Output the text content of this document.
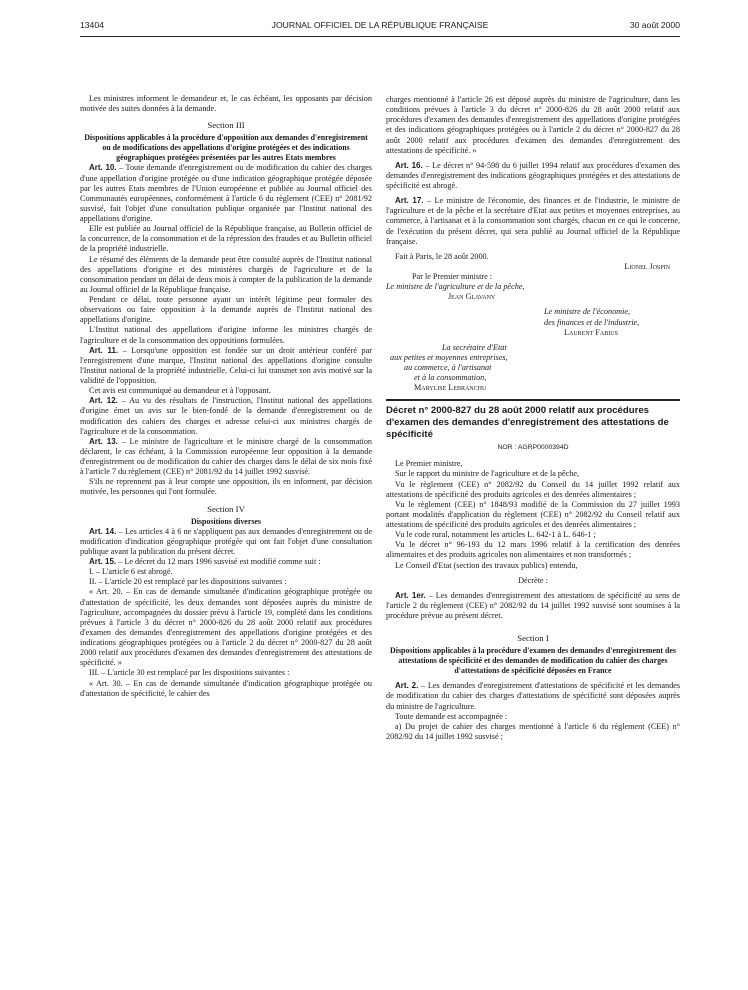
13404	JOURNAL OFFICIEL DE LA RÉPUBLIQUE FRANÇAISE	30 août 2000

Les ministres informent le demandeur et, le cas échéant, les opposants par décision motivée des suites données à la demande.

Section III

Dispositions applicables à la procédure d'opposition aux demandes d'enregistrement ou de modifications des appellations d'origine protégées et des indications géographiques protégées présentées par les autres Etats membres

Art. 10. – Toute demande d'enregistrement ou de modification du cahier des charges d'une appellation d'origine protégée ou d'une indication géographique protégée déposée par les autres Etats membres de l'Union européenne et publiée au Journal officiel des Communautés européennes, conformément à l'article 6 du règlement (CEE) n° 2081/92 susvisé, fait l'objet d'une consultation publique organisée par l'Institut national des appellations d'origine.

Elle est publiée au Journal officiel de la République française, au Bulletin officiel de la concurrence, de la consommation et de la répression des fraudes et au Bulletin officiel de la propriété industrielle.

Le résumé des éléments de la demande peut être consulté auprès de l'Institut national des appellations d'origine et des ministères chargés de l'agriculture et de la consommation pendant un délai de deux mois à compter de la publication de la demande au Journal officiel de la République française.

Pendant ce délai, toute personne ayant un intérêt légitime peut formuler des observations ou faire opposition à la demande auprès de l'Institut national des appellations d'origine.

L'Institut national des appellations d'origine informe les ministres chargés de l'agriculture et de la consommation des oppositions formulées.

Art. 11. – Lorsqu'une opposition est fondée sur un droit antérieur conféré par l'enregistrement d'une marque, l'Institut national des appellations d'origine consulte l'Institut national de la propriété industrielle. Celui-ci lui transmet son avis motivé sur la validité de l'opposition.

Cet avis est communiqué au demandeur et à l'opposant.

Art. 12. – Au vu des résultats de l'instruction, l'Institut national des appellations d'origine émet un avis sur le bien-fondé de la demande d'enregistrement ou de modification des cahiers des charges et adresse celui-ci aux ministres chargés de l'agriculture et de la consommation.

Art. 13. – Le ministre de l'agriculture et le ministre chargé de la consommation déclarent, le cas échéant, à la Commission européenne leur opposition à la demande d'enregistrement ou de modification du cahier des charges dans le délai de six mois fixé à l'article 7 du règlement (CEE) n° 2081/92 du 14 juillet 1992 susvisé.

S'ils ne reprennent pas à leur compte une opposition, ils en informent, par décision motivée, les personnes qui l'ont formulée.

Section IV

Dispositions diverses

Art. 14. – Les articles 4 à 6 ne s'appliquent pas aux demandes d'enregistrement ou de modification d'indication géographique protégée qui ont fait l'objet d'une consultation publique avant la publication du présent décret.

Art. 15. – Le décret du 12 mars 1996 susvisé est modifié comme suit :

I. – L'article 6 est abrogé.

II. – L'article 20 est remplacé par les dispositions suivantes :

« Art. 20. – En cas de demande simultanée d'indication géographique protégée ou d'attestation de spécificité, les deux demandes sont déposées auprès du ministre de l'agriculture, accompagnées du dossier prévu à l'article 19, complété dans les conditions prévues à l'article 3 du décret n° 2000-826 du 28 août 2000 relatif aux procédures d'examen des demandes d'enregistrement des appellations d'origine protégées et des indications géographiques protégées ou à l'article 2 du décret n° 2000-827 du 28 août 2000 relatif aux procédures d'examen des demandes d'enregistrement des attestations de spécificité. »

III. – L'article 30 est remplacé par les dispositions suivantes :

« Art. 30. – En cas de demande simultanée d'indication géographique protégée ou d'attestation de spécificité, le cahier des

charges mentionné à l'article 26 est déposé auprès du ministre de l'agriculture, dans les conditions prévues à l'article 3 du décret n° 2000-826 du 28 août 2000 relatif aux procédures d'examen des demandes d'enregistrement des appellations d'origine protégées et des indications géographiques protégées ou à l'article 2 du décret n° 2000-827 du 28 août 2000 relatif aux procédures d'examen des demandes d'enregistrement des attestations de spécificité. »

Art. 16. – Le décret n° 94-598 du 6 juillet 1994 relatif aux procédures d'examen des demandes d'enregistrement des indications géographiques protégées et des attestations de spécificité est abrogé.

Art. 17. – Le ministre de l'économie, des finances et de l'industrie, le ministre de l'agriculture et de la pêche et la secrétaire d'Etat aux petites et moyennes entreprises, au commerce, à l'artisanat et à la consommation sont chargés, chacun en ce qui le concerne, de l'exécution du présent décret, qui sera publié au Journal officiel de la République française.

Fait à Paris, le 28 août 2000.

Lionel Jospin

Par le Premier ministre :

Le ministre de l'agriculture et de la pêche,

Jean Glavany

Le ministre de l'économie,

des finances et de l'industrie,

Laurent Fabius

La secrétaire d'Etat

aux petites et moyennes entreprises,

au commerce, à l'artisanat

et à la consommation,

Marylise Lebranchu

Décret n° 2000-827 du 28 août 2000 relatif aux procédures d'examen des demandes d'enregistrement des attestations de spécificité

NOR : AGRP0000394D

Le Premier ministre,

Sur le rapport du ministre de l'agriculture et de la pêche,

Vu le règlement (CEE) n° 2082/92 du Conseil du 14 juillet 1992 relatif aux attestations de spécificité des produits agricoles et des denrées alimentaires ;

Vu le règlement (CEE) n° 1848/93 modifié de la Commission du 27 juillet 1993 portant modalités d'application du règlement (CEE) n° 2082/92 du Conseil relatif aux attestations de spécificité des produits agricoles et des denrées alimentaires ;

Vu le code rural, notamment les articles L. 642-1 à L. 646-1 ;

Vu le décret n° 96-193 du 12 mars 1996 relatif à la certification des denrées alimentaires et des produits agricoles non alimentaires et non transformés ;

Le Conseil d'Etat (section des travaux publics) entendu,

Décrète :

Art. 1er. – Les demandes d'enregistrement des attestations de spécificité au sens de l'article 2 du règlement (CEE) n° 2082/92 du 14 juillet 1992 susvisé sont soumises à la procédure prévue au présent décret.

Section I

Dispositions applicables à la procédure d'examen des demandes d'enregistrement des attestations de spécificité et des demandes de modification du cahier des charges d'attestations de spécificité déposées en France

Art. 2. – Les demandes d'enregistrement d'attestations de spécificité et les demandes de modification du cahier des charges d'attestations de spécificité sont déposées auprès du ministre de l'agriculture.

Toute demande est accompagnée :

a) Du projet de cahier des charges mentionné à l'article 6 du règlement (CEE) n° 2082/92 du 14 juillet 1992 susvisé ;
